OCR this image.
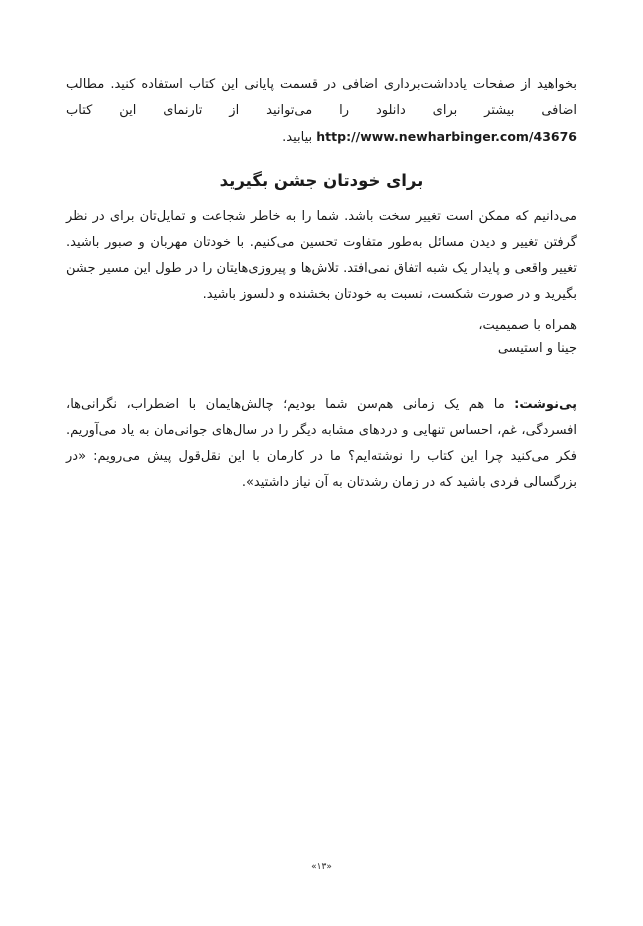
بخواهید از صفحات یادداشت‌برداری اضافی در قسمت پایانی این کتاب استفاده کنید. مطالب اضافی بیشتر برای دانلود را می‌توانید از تارنمای این کتاب http://www.newharbinger.com/43676 بیابید.

برای خودتان جشن بگیرید

می‌دانیم که ممکن است تغییر سخت باشد. شما را به خاطر شجاعت و تمایل‌تان برای در نظر گرفتن تغییر و دیدن مسائل به‌طور متفاوت تحسین می‌کنیم. با خودتان مهربان و صبور باشید. تغییر واقعی و پایدار یک شبه اتفاق نمی‌افتد. تلاش‌ها و پیروزی‌هایتان را در طول این مسیر جشن بگیرید و در صورت شکست، نسبت به خودتان بخشنده و دلسوز باشید.

همراه با صمیمیت،

جینا و استیسی

پی‌نوشت: ما هم یک زمانی هم‌سن شما بودیم؛ چالش‌هایمان با اضطراب، نگرانی‌ها، افسردگی، غم، احساس تنهایی و دردهای مشابه دیگر را در سال‌های جوانی‌مان به یاد می‌آوریم. فکر می‌کنید چرا این کتاب را نوشته‌ایم؟ ما در کارمان با این نقل‌قول پیش می‌رویم: «در بزرگسالی فردی باشید که در زمان رشدتان به آن نیاز داشتید».

«۱۳»
